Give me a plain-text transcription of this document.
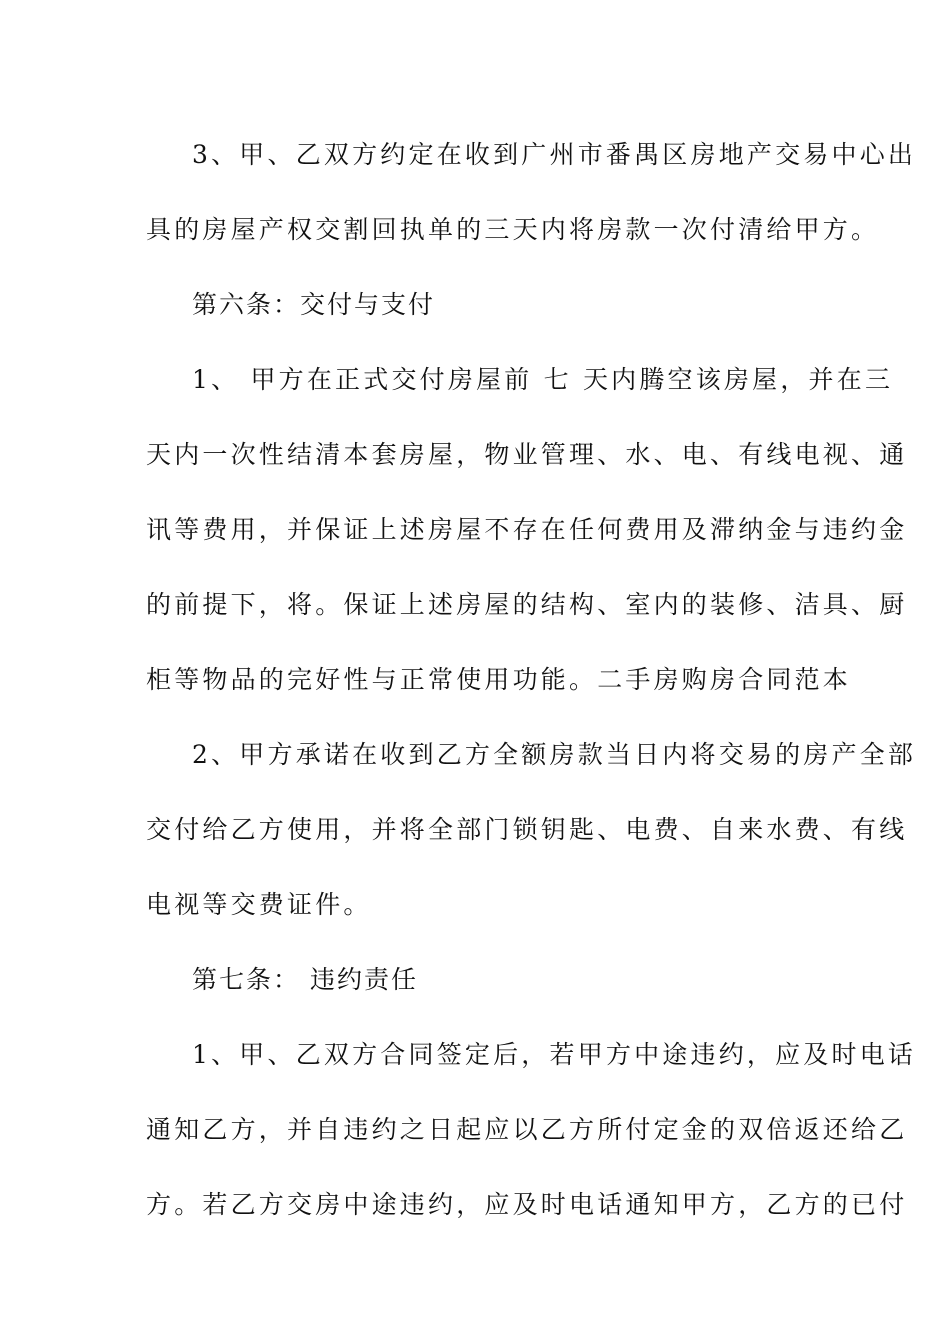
3、甲、乙双方约定在收到广州市番禺区房地产交易中心出
具的房屋产权交割回执单的三天内将房款一次付清给甲方。
第六条：交付与支付
1、 甲方在正式交付房屋前 七 天内腾空该房屋，并在三
天内一次性结清本套房屋，物业管理、水、电、有线电视、通
讯等费用，并保证上述房屋不存在任何费用及滞纳金与违约金
的前提下，将。保证上述房屋的结构、室内的装修、洁具、厨
柜等物品的完好性与正常使用功能。二手房购房合同范本
2、甲方承诺在收到乙方全额房款当日内将交易的房产全部
交付给乙方使用，并将全部门锁钥匙、电费、自来水费、有线
电视等交费证件。
第七条： 违约责任
1、甲、乙双方合同签定后，若甲方中途违约，应及时电话
通知乙方，并自违约之日起应以乙方所付定金的双倍返还给乙
方。若乙方交房中途违约，应及时电话通知甲方，乙方的已付
